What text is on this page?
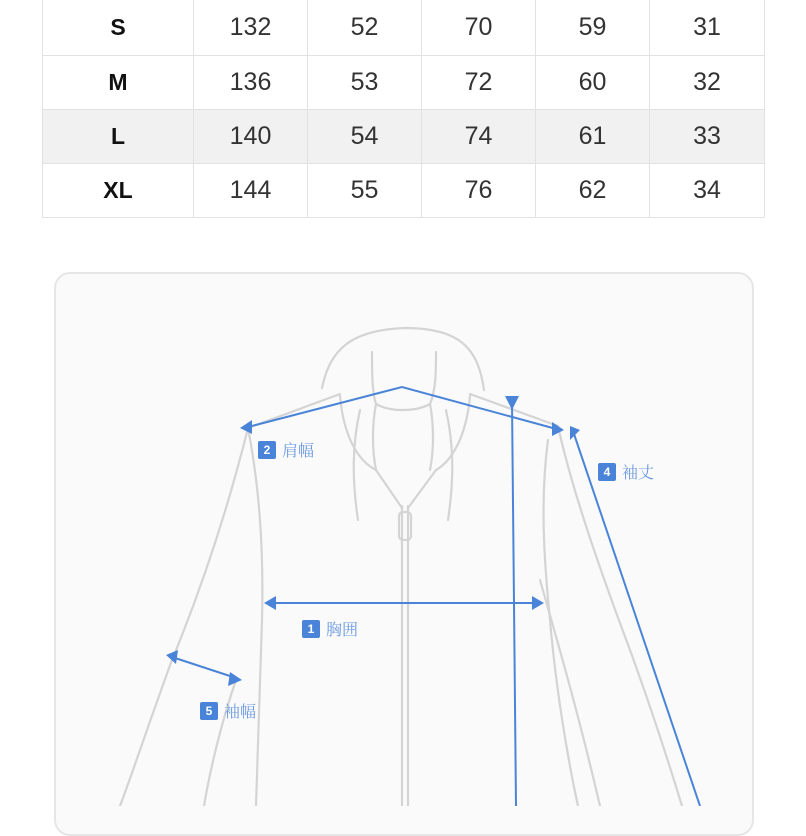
S	132	52	70	59	31
M	136	53	72	60	32
L	140	54	74	61	33
XL	144	55	76	62	34
2 肩幅
4 袖丈
1 胸囲
5 袖幅
